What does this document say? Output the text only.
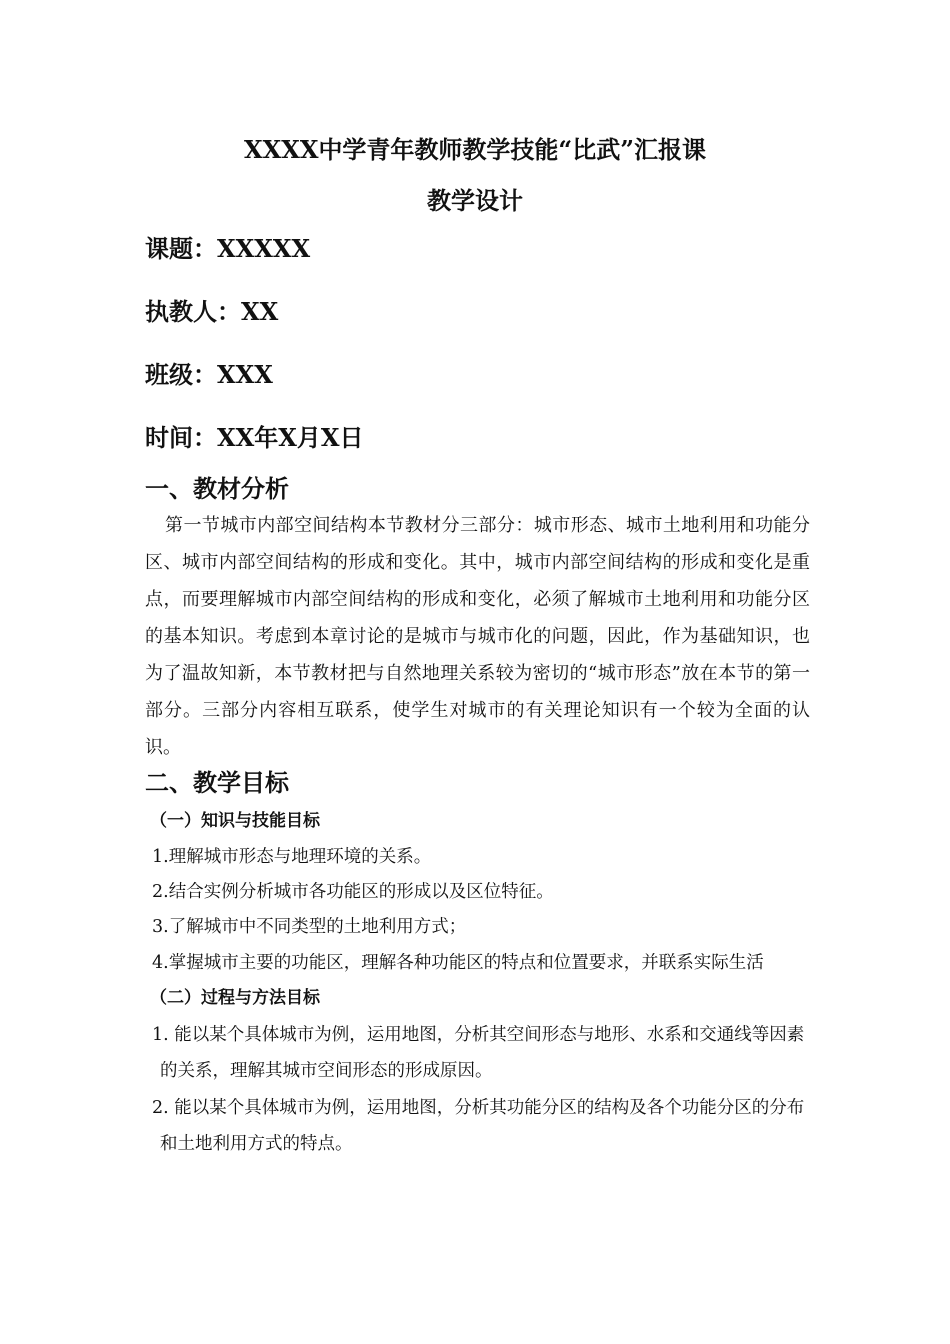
XXXX中学青年教师教学技能“比武”汇报课
教学设计
课题：XXXXX
执教人：XX
班级：XXX
时间：XX年X月X日
一、教材分析
第一节城市内部空间结构本节教材分三部分：城市形态、城市土地利用和功能分区、城市内部空间结构的形成和变化。其中，城市内部空间结构的形成和变化是重点，而要理解城市内部空间结构的形成和变化，必须了解城市土地利用和功能分区的基本知识。考虑到本章讨论的是城市与城市化的问题，因此，作为基础知识，也为了温故知新，本节教材把与自然地理关系较为密切的“城市形态”放在本节的第一部分。三部分内容相互联系，使学生对城市的有关理论知识有一个较为全面的认识。
二、教学目标
（一）知识与技能目标
1.理解城市形态与地理环境的关系。
2.结合实例分析城市各功能区的形成以及区位特征。
3.了解城市中不同类型的土地利用方式；
4.掌握城市主要的功能区，理解各种功能区的特点和位置要求，并联系实际生活
（二）过程与方法目标
1. 能以某个具体城市为例，运用地图，分析其空间形态与地形、水系和交通线等因素的关系，理解其城市空间形态的形成原因。
2. 能以某个具体城市为例，运用地图，分析其功能分区的结构及各个功能分区的分布和土地利用方式的特点。
